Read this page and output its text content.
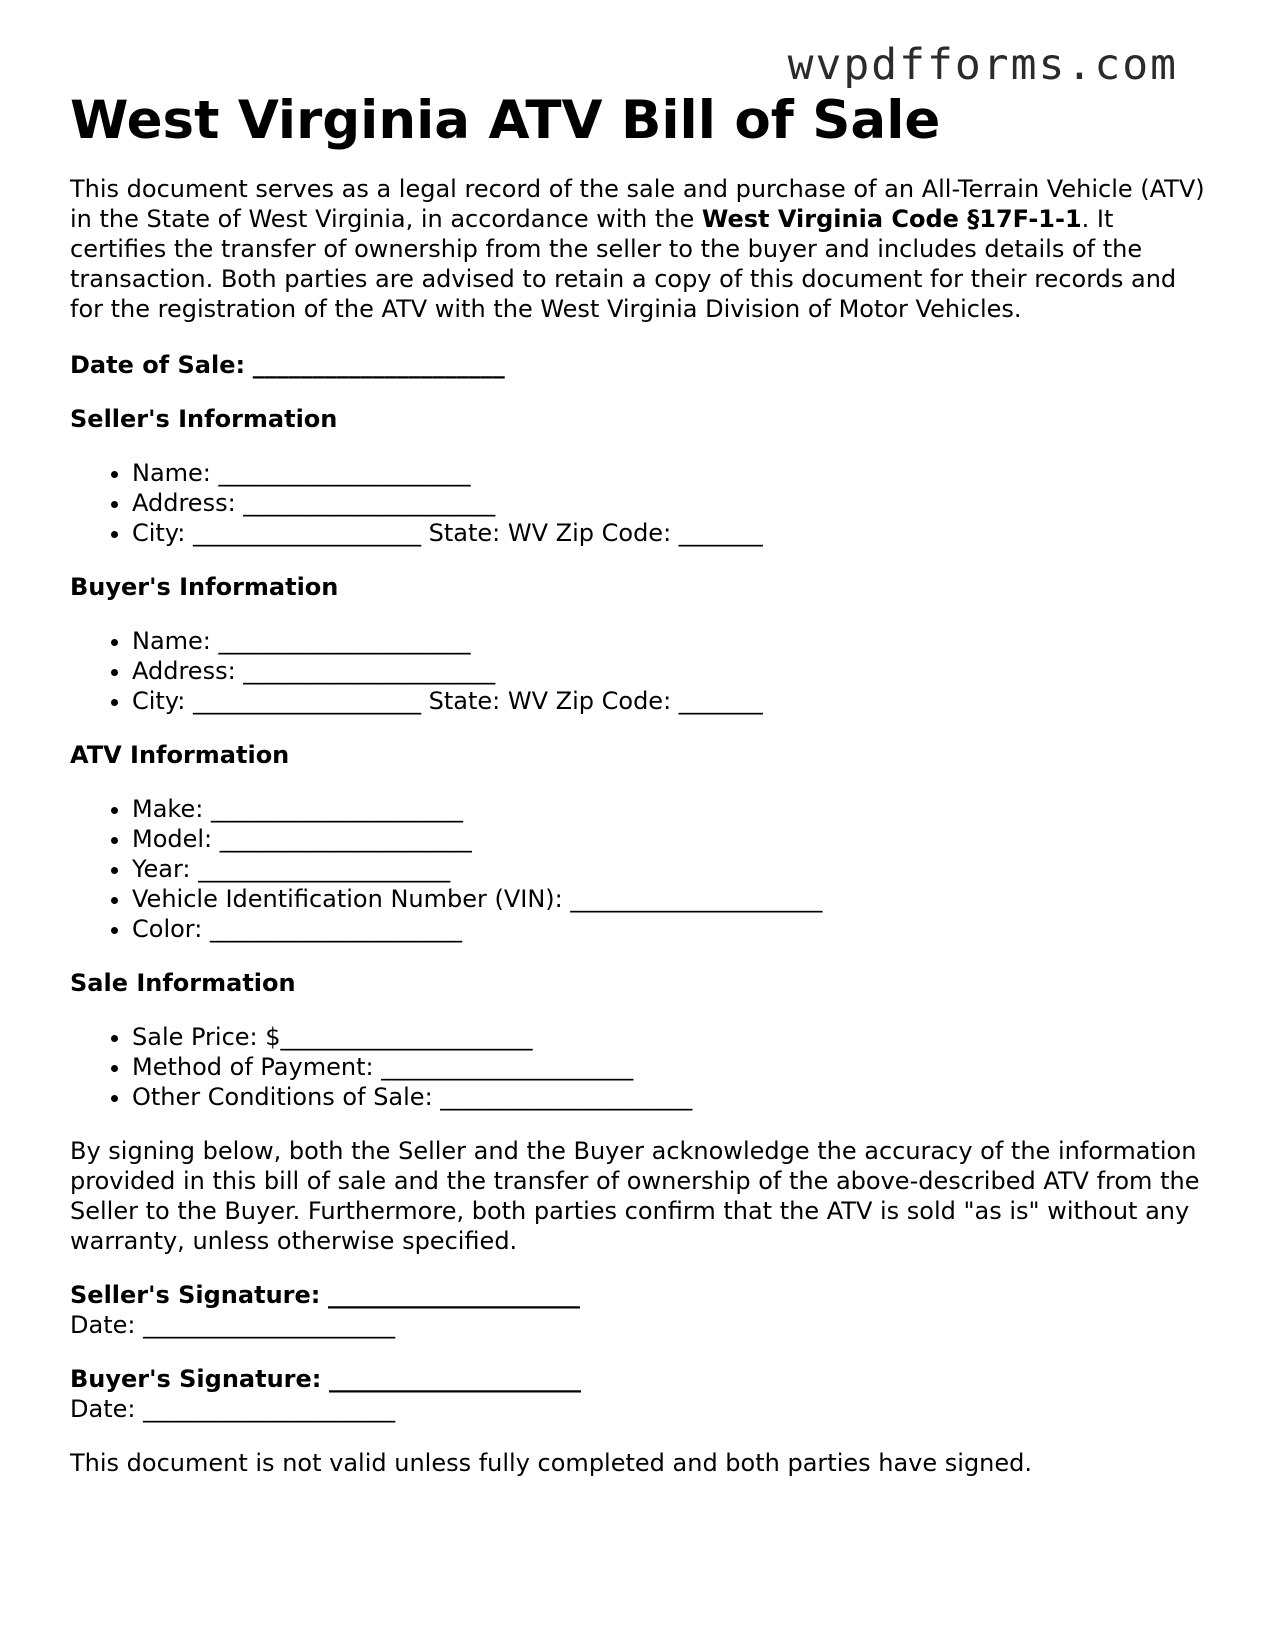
wvpdfforms.com
West Virginia ATV Bill of Sale

This document serves as a legal record of the sale and purchase of an All-Terrain Vehicle (ATV) in the State of West Virginia, in accordance with the West Virginia Code §17F-1-1. It certifies the transfer of ownership from the seller to the buyer and includes details of the transaction. Both parties are advised to retain a copy of this document for their records and for the registration of the ATV with the West Virginia Division of Motor Vehicles.

Date of Sale: _____________________
Seller's Information
• Name: _____________________
• Address: _____________________
• City: ___________________ State: WV Zip Code: _______
Buyer's Information
• Name: _____________________
• Address: _____________________
• City: ___________________ State: WV Zip Code: _______
ATV Information
• Make: _____________________
• Model: _____________________
• Year: _____________________
• Vehicle Identification Number (VIN): _____________________
• Color: _____________________
Sale Information
• Sale Price: $_____________________
• Method of Payment: _____________________
• Other Conditions of Sale: _____________________

By signing below, both the Seller and the Buyer acknowledge the accuracy of the information provided in this bill of sale and the transfer of ownership of the above-described ATV from the Seller to the Buyer. Furthermore, both parties confirm that the ATV is sold "as is" without any warranty, unless otherwise specified.

Seller's Signature: _____________________
Date: _____________________
Buyer's Signature: _____________________
Date: _____________________

This document is not valid unless fully completed and both parties have signed.
